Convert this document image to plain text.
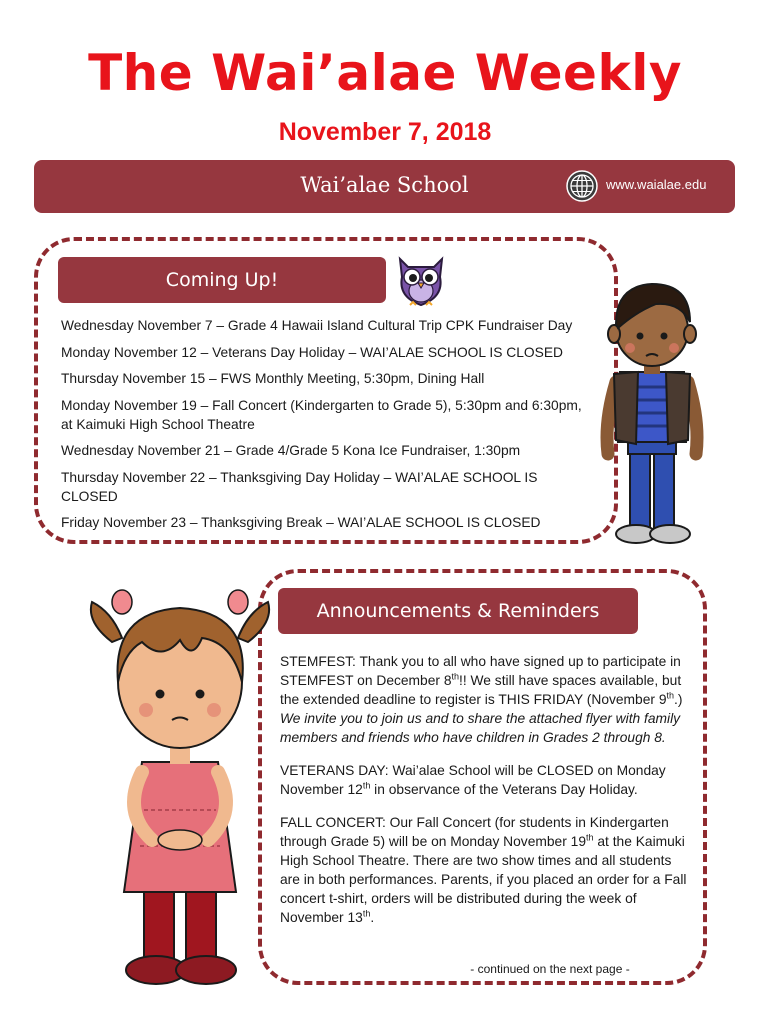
The Wai’alae Weekly
November 7, 2018
Wai’alae School	www.waialae.edu
Coming Up!
Wednesday November 7 – Grade 4 Hawaii Island Cultural Trip CPK Fundraiser Day
Monday November 12 – Veterans Day Holiday – WAI’ALAE SCHOOL IS CLOSED
Thursday November 15 – FWS Monthly Meeting, 5:30pm, Dining Hall
Monday November 19 – Fall Concert (Kindergarten to Grade 5), 5:30pm and 6:30pm, at Kaimuki High School Theatre
Wednesday November 21 – Grade 4/Grade 5 Kona Ice Fundraiser, 1:30pm
Thursday November 22 – Thanksgiving Day Holiday – WAI’ALAE SCHOOL IS CLOSED
Friday November 23 – Thanksgiving Break – WAI’ALAE SCHOOL IS CLOSED
Announcements & Reminders

STEMFEST: Thank you to all who have signed up to participate in STEMFEST on December 8th!! We still have spaces available, but the extended deadline to register is THIS FRIDAY (November 9th.) We invite you to join us and to share the attached flyer with family members and friends who have children in Grades 2 through 8.

VETERANS DAY: Wai’alae School will be CLOSED on Monday November 12th in observance of the Veterans Day Holiday.

FALL CONCERT: Our Fall Concert (for students in Kindergarten through Grade 5) will be on Monday November 19th at the Kaimuki High School Theatre. There are two show times and all students are in both performances. Parents, if you placed an order for a Fall concert t-shirt, orders will be distributed during the week of November 13th.

- continued on the next page -
